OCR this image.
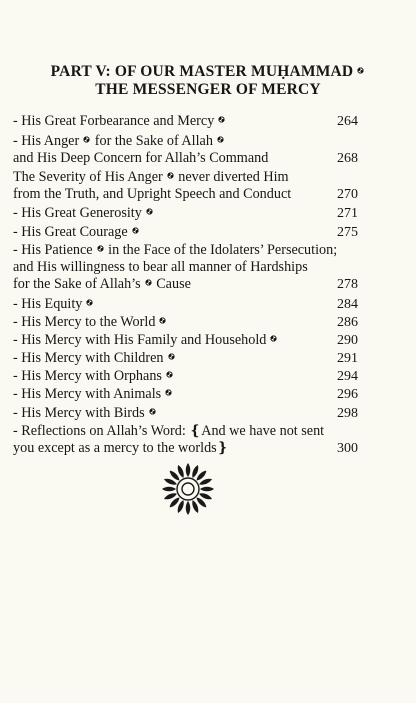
PART V: OF OUR MASTER MUḤAMMAD
THE MESSENGER OF MERCY
- His Great Forbearance and Mercy	264
- His Anger for the Sake of Allah
and His Deep Concern for Allah’s Command	268
The Severity of His Anger never diverted Him
from the Truth, and Upright Speech and Conduct	270
- His Great Generosity	271
- His Great Courage	275
- His Patience in the Face of the Idolaters’ Persecution;
and His willingness to bear all manner of Hardships
for the Sake of Allah’s Cause	278
- His Equity	284
- His Mercy to the World	286
- His Mercy with His Family and Household	290
- His Mercy with Children	291
- His Mercy with Orphans	294
- His Mercy with Animals	296
- His Mercy with Birds	298
- Reflections on Allah’s Word: ❴And we have not sent
you except as a mercy to the worlds❵	300
